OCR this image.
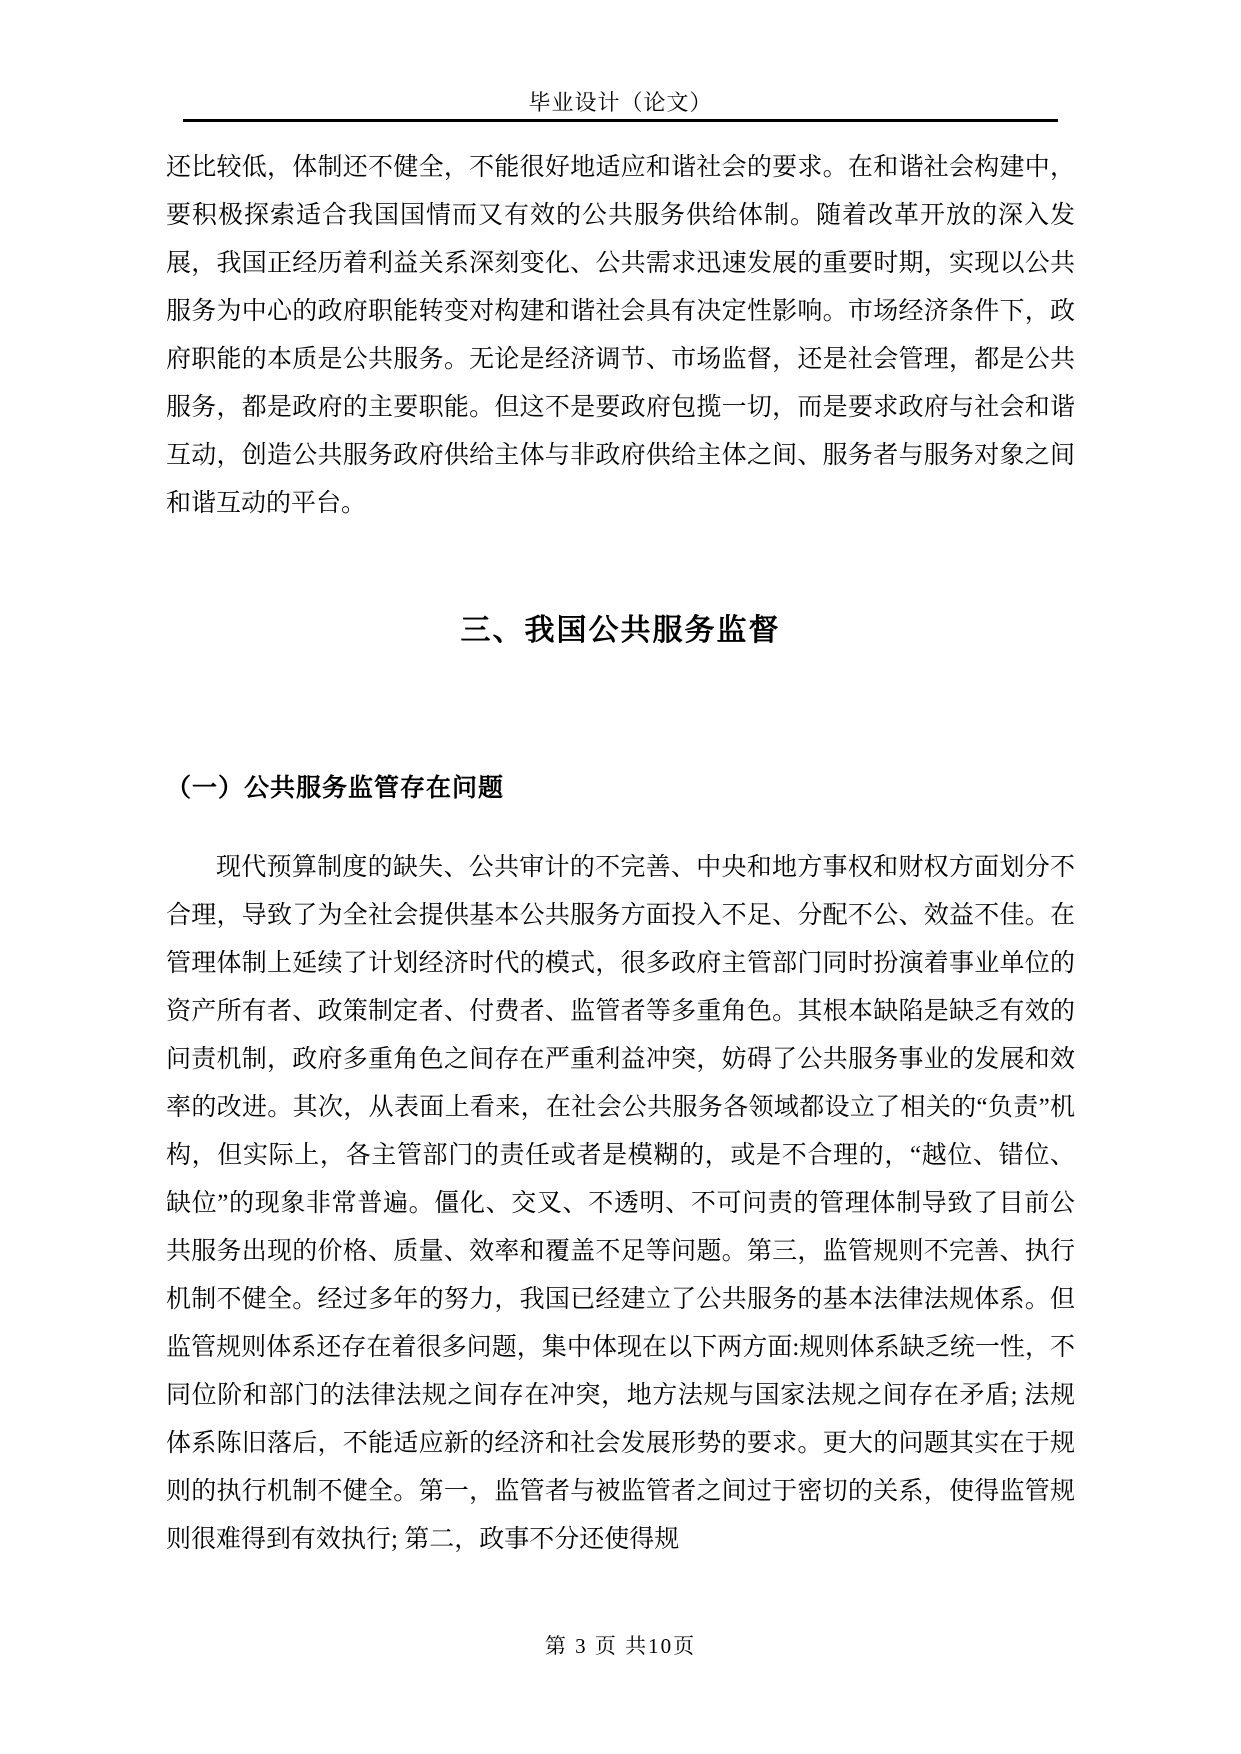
毕业设计（论文）

还比较低，体制还不健全，不能很好地适应和谐社会的要求。在和谐社会构建中，要积极探索适合我国国情而又有效的公共服务供给体制。随着改革开放的深入发展，我国正经历着利益关系深刻变化、公共需求迅速发展的重要时期，实现以公共服务为中心的政府职能转变对构建和谐社会具有决定性影响。市场经济条件下，政府职能的本质是公共服务。无论是经济调节、市场监督，还是社会管理，都是公共服务，都是政府的主要职能。但这不是要政府包揽一切，而是要求政府与社会和谐互动，创造公共服务政府供给主体与非政府供给主体之间、服务者与服务对象之间和谐互动的平台。

三、我国公共服务监督
（一）公共服务监管存在问题

现代预算制度的缺失、公共审计的不完善、中央和地方事权和财权方面划分不合理，导致了为全社会提供基本公共服务方面投入不足、分配不公、效益不佳。在管理体制上延续了计划经济时代的模式，很多政府主管部门同时扮演着事业单位的资产所有者、政策制定者、付费者、监管者等多重角色。其根本缺陷是缺乏有效的问责机制，政府多重角色之间存在严重利益冲突，妨碍了公共服务事业的发展和效率的改进。其次，从表面上看来，在社会公共服务各领域都设立了相关的“负责”机构，但实际上，各主管部门的责任或者是模糊的，或是不合理的，“越位、错位、缺位”的现象非常普遍。僵化、交叉、不透明、不可问责的管理体制导致了目前公共服务出现的价格、质量、效率和覆盖不足等问题。第三，监管规则不完善、执行机制不健全。经过多年的努力，我国已经建立了公共服务的基本法律法规体系。但监管规则体系还存在着很多问题，集中体现在以下两方面:规则体系缺乏统一性，不同位阶和部门的法律法规之间存在冲突，地方法规与国家法规之间存在矛盾; 法规体系陈旧落后，不能适应新的经济和社会发展形势的要求。更大的问题其实在于规则的执行机制不健全。第一，监管者与被监管者之间过于密切的关系，使得监管规则很难得到有效执行; 第二，政事不分还使得规

第 3 页 共10页
